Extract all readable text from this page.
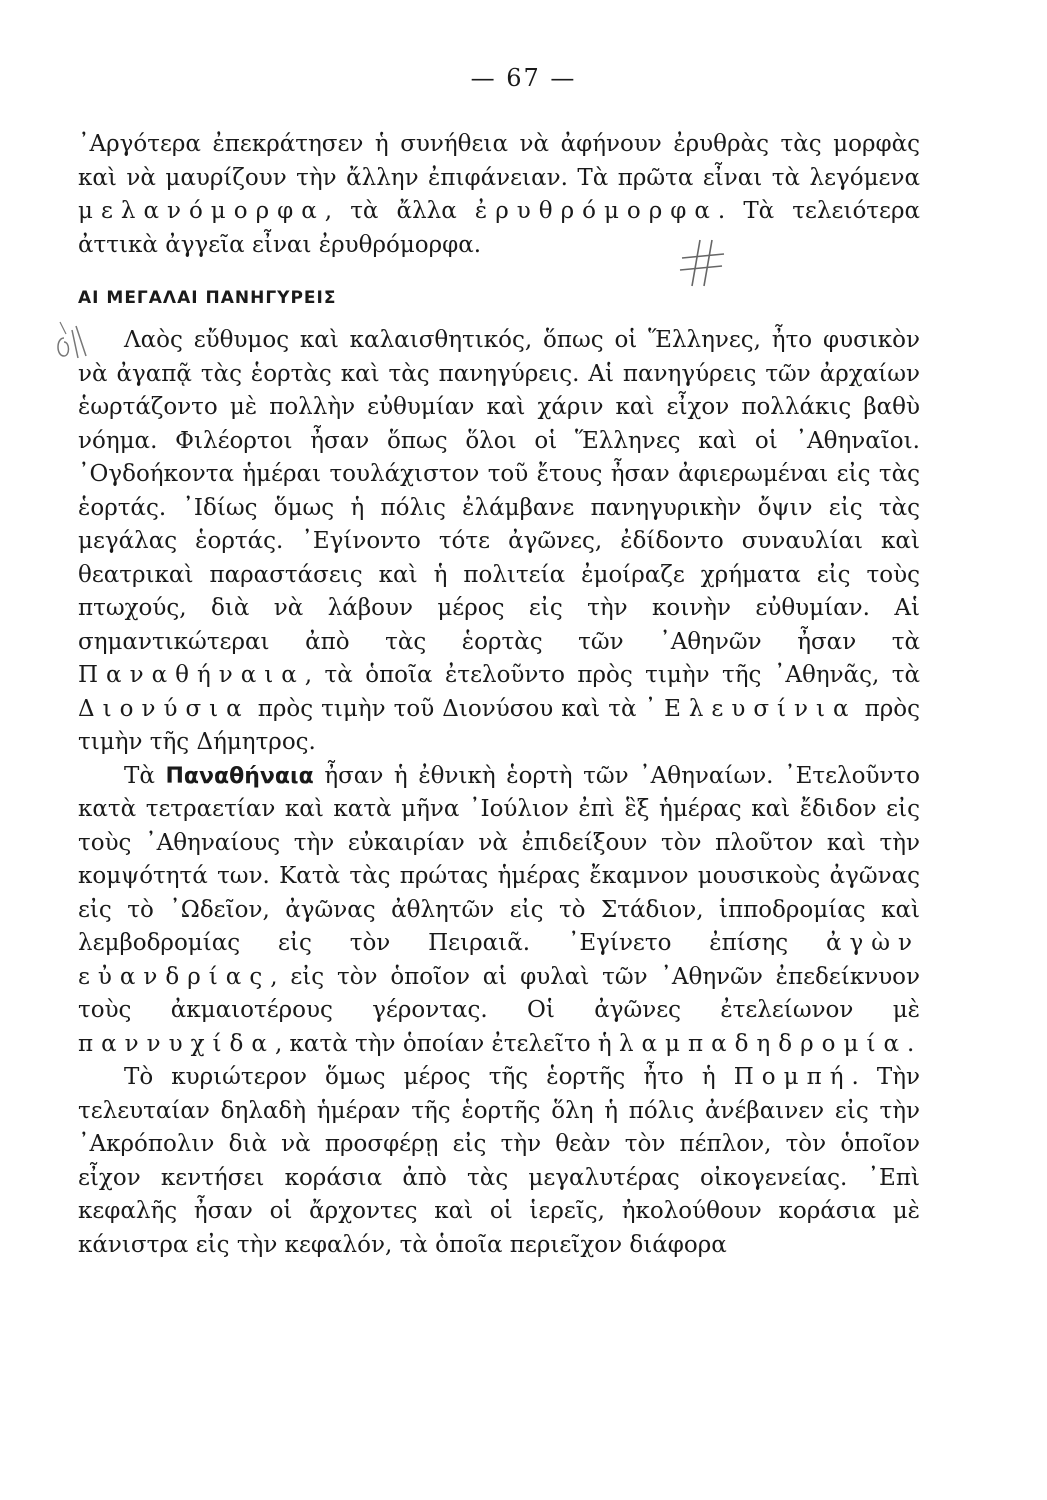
— 67 —

᾿Αργότερα ἐπεκράτησεν ἡ συνήθεια νὰ ἀφήνουν ἐρυθρὰς τὰς μορφὰς καὶ νὰ μαυρίζουν τὴν ἄλλην ἐπιφάνειαν. Τὰ πρῶτα εἶναι τὰ λεγόμενα μελανόμορφα, τὰ ἄλλα ἐρυθρόμορφα. Τὰ τελειότερα ἀττικὰ ἀγγεῖα εἶναι ἐρυθρόμορφα.

ΑΙ ΜΕΓΑΛΑΙ ΠΑΝΗΓΥΡΕΙΣ

Λαὸς εὔθυμος καὶ καλαισθητικός, ὅπως οἱ Ἕλληνες, ἦτο φυσικὸν νὰ ἀγαπᾷ τὰς ἑορτὰς καὶ τὰς πανηγύρεις. Αἱ πανηγύρεις τῶν ἀρχαίων ἑωρτάζοντο μὲ πολλὴν εὐθυμίαν καὶ χάριν καὶ εἶχον πολλάκις βαθὺ νόημα. Φιλέορτοι ἦσαν ὅπως ὅλοι οἱ Ἕλληνες καὶ οἱ ᾿Αθηναῖοι. ᾿Ογδοήκοντα ἡμέραι τουλάχιστον τοῦ ἔτους ἦσαν ἀφιερωμέναι εἰς τὰς ἑορτάς. ᾿Ιδίως ὅμως ἡ πόλις ἐλάμβανε πανηγυρικὴν ὄψιν εἰς τὰς μεγάλας ἑορτάς. ᾿Εγίνοντο τότε ἀγῶνες, ἐδίδοντο συναυλίαι καὶ θεατρικαὶ παραστάσεις καὶ ἡ πολιτεία ἐμοίραζε χρήματα εἰς τοὺς πτωχούς, διὰ νὰ λάβουν μέρος εἰς τὴν κοινὴν εὐθυμίαν. Αἱ σημαντικώτεραι ἀπὸ τὰς ἑορτὰς τῶν ᾿Αθηνῶν ἦσαν τὰ Παναθήναια, τὰ ὁποῖα ἐτελοῦντο πρὸς τιμὴν τῆς ᾿Αθηνᾶς, τὰ Διονύσια πρὸς τιμὴν τοῦ Διονύσου καὶ τὰ ᾿Ελευσίνια πρὸς τιμὴν τῆς Δήμητρος.

Τὰ Παναθήναια ἦσαν ἡ ἐθνικὴ ἑορτὴ τῶν ᾿Αθηναίων. ᾿Ετελοῦντο κατὰ τετραετίαν καὶ κατὰ μῆνα ᾿Ιούλιον ἐπὶ ἓξ ἡμέρας καὶ ἔδιδον εἰς τοὺς ᾿Αθηναίους τὴν εὐκαιρίαν νὰ ἐπιδείξουν τὸν πλοῦτον καὶ τὴν κομψότητά των. Κατὰ τὰς πρώτας ἡμέρας ἔκαμνον μουσικοὺς ἀγῶνας εἰς τὸ ᾿Ωδεῖον, ἀγῶνας ἀθλητῶν εἰς τὸ Στάδιον, ἱπποδρομίας καὶ λεμβοδρομίας εἰς τὸν Πειραιᾶ. ᾿Εγίνετο ἐπίσης ἀγὼν εὐανδρίας, εἰς τὸν ὁποῖον αἱ φυλαὶ τῶν ᾿Αθηνῶν ἐπεδείκνυον τοὺς ἀκμαιοτέρους γέροντας. Οἱ ἀγῶνες ἐτελείωνον μὲ παννυχίδα, κατὰ τὴν ὁποίαν ἐτελεῖτο ἡ λαμπαδηδρομία.

Τὸ κυριώτερον ὅμως μέρος τῆς ἑορτῆς ἦτο ἡ Πομπή. Τὴν τελευταίαν δηλαδὴ ἡμέραν τῆς ἑορτῆς ὅλη ἡ πόλις ἀνέβαινεν εἰς τὴν ᾿Ακρόπολιν διὰ νὰ προσφέρῃ εἰς τὴν θεὰν τὸν πέπλον, τὸν ὁποῖον εἶχον κεντήσει κοράσια ἀπὸ τὰς μεγαλυτέρας οἰκογενείας. ᾿Επὶ κεφαλῆς ἦσαν οἱ ἄρχοντες καὶ οἱ ἱερεῖς, ἠκολούθουν κοράσια μὲ κάνιστρα εἰς τὴν κεφαλόν, τὰ ὁποῖα περιεῖχον διάφορα
